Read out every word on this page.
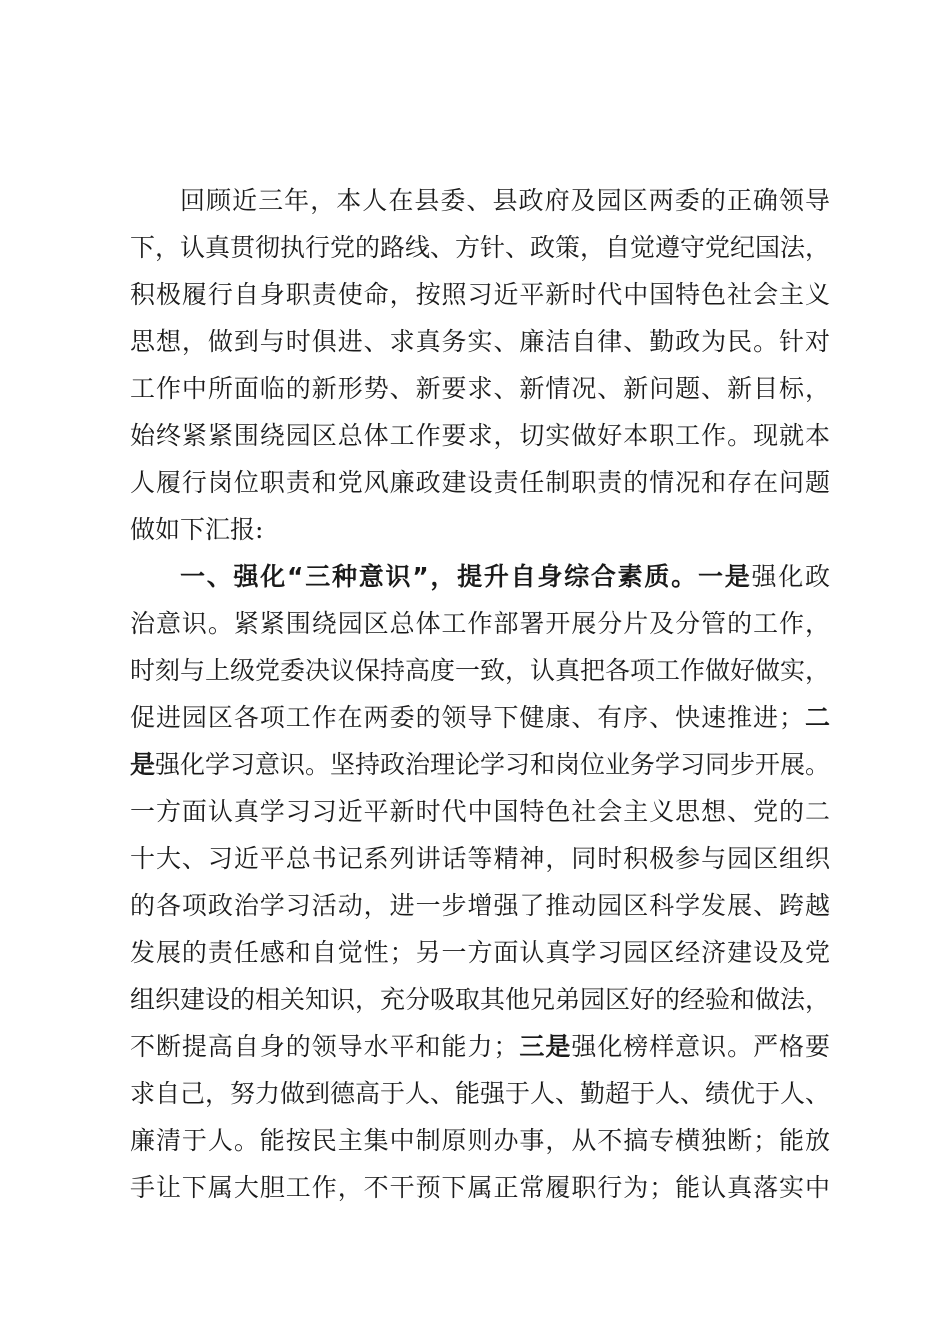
回顾近三年，本人在县委、县政府及园区两委的正确领导
下，认真贯彻执行党的路线、方针、政策，自觉遵守党纪国法，
积极履行自身职责使命，按照习近平新时代中国特色社会主义
思想，做到与时俱进、求真务实、廉洁自律、勤政为民。针对
工作中所面临的新形势、新要求、新情况、新问题、新目标，
始终紧紧围绕园区总体工作要求，切实做好本职工作。现就本
人履行岗位职责和党风廉政建设责任制职责的情况和存在问题
做如下汇报:
一、强化“三种意识”，提升自身综合素质。一是强化政
治意识。紧紧围绕园区总体工作部署开展分片及分管的工作，
时刻与上级党委决议保持高度一致，认真把各项工作做好做实，
促进园区各项工作在两委的领导下健康、有序、快速推进；二
是强化学习意识。坚持政治理论学习和岗位业务学习同步开展。
一方面认真学习习近平新时代中国特色社会主义思想、党的二
十大、习近平总书记系列讲话等精神，同时积极参与园区组织
的各项政治学习活动，进一步增强了推动园区科学发展、跨越
发展的责任感和自觉性；另一方面认真学习园区经济建设及党
组织建设的相关知识，充分吸取其他兄弟园区好的经验和做法，
不断提高自身的领导水平和能力；三是强化榜样意识。严格要
求自己，努力做到德高于人、能强于人、勤超于人、绩优于人、
廉清于人。能按民主集中制原则办事，从不搞专横独断；能放
手让下属大胆工作，不干预下属正常履职行为；能认真落实中
